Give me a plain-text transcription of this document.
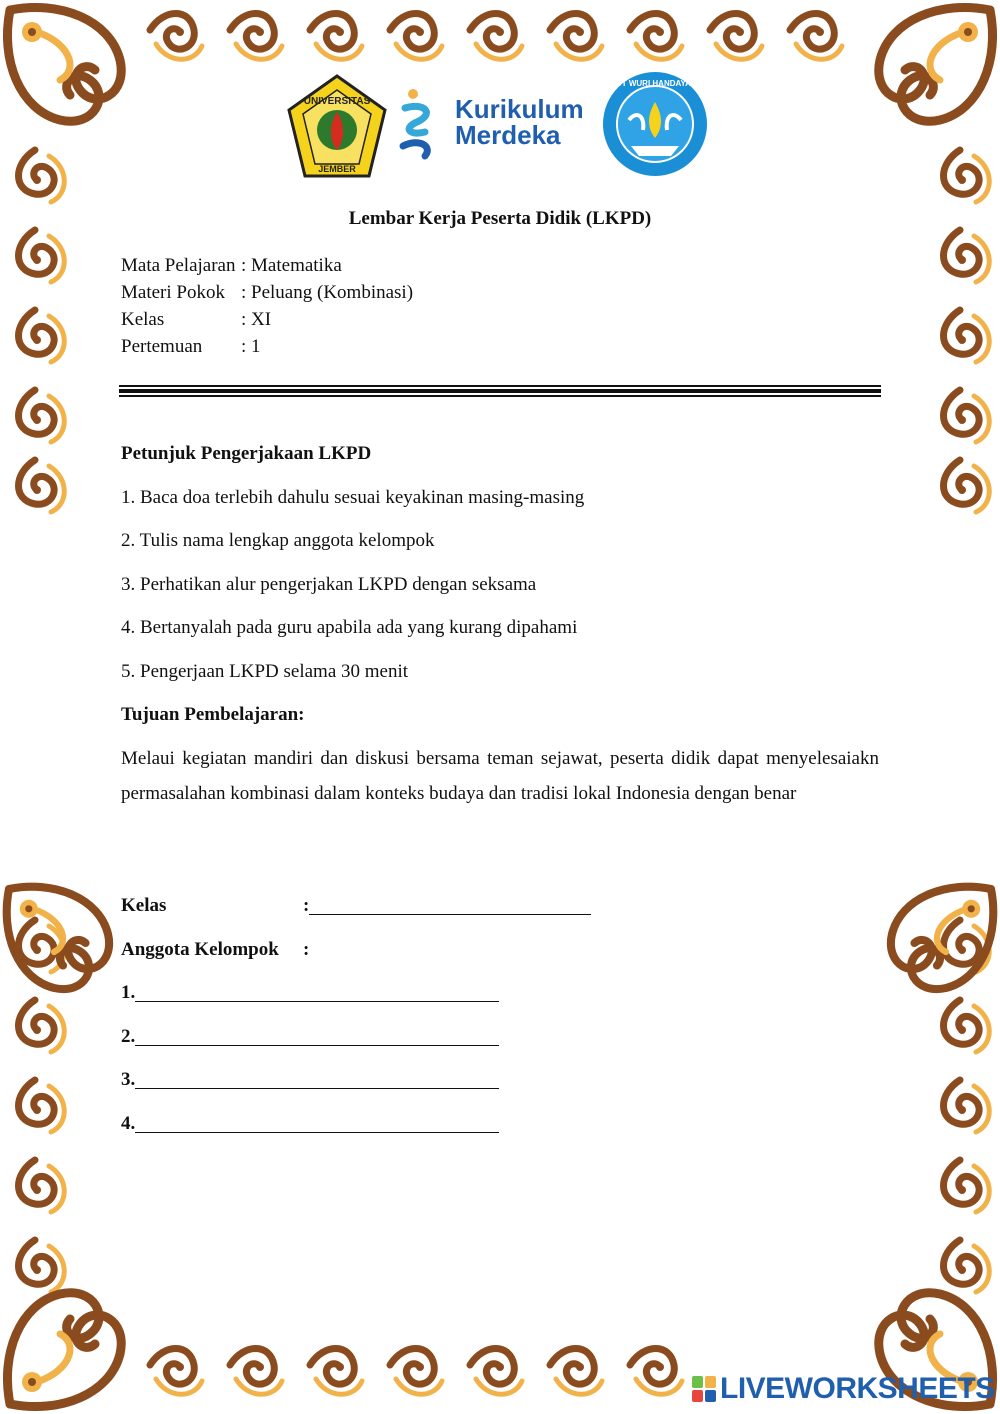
UNIVERSITAS
JEMBER
Kurikulum
Merdeka
TUT WURI HANDAYANI
Lembar Kerja Peserta Didik (LKPD)
Mata Pelajaran : Matematika
Materi Pokok : Peluang (Kombinasi)
Kelas	: XI
Pertemuan	: 1

Petunjuk Pengerjakaan LKPD

1. Baca doa terlebih dahulu sesuai keyakinan masing-masing

2. Tulis nama lengkap anggota kelompok

3. Perhatikan alur pengerjakan LKPD dengan seksama

4. Bertanyalah pada guru apabila ada yang kurang dipahami

5. Pengerjaan LKPD selama 30 menit

Tujuan Pembelajaran:

Melaui kegiatan mandiri dan diskusi bersama teman sejawat, peserta didik dapat menyelesaiakn permasalahan kombinasi dalam konteks budaya dan tradisi lokal Indonesia dengan benar

Kelas	:
Anggota Kelompok	:
1.
2.
3.
4.
LIVEWORKSHEETS
